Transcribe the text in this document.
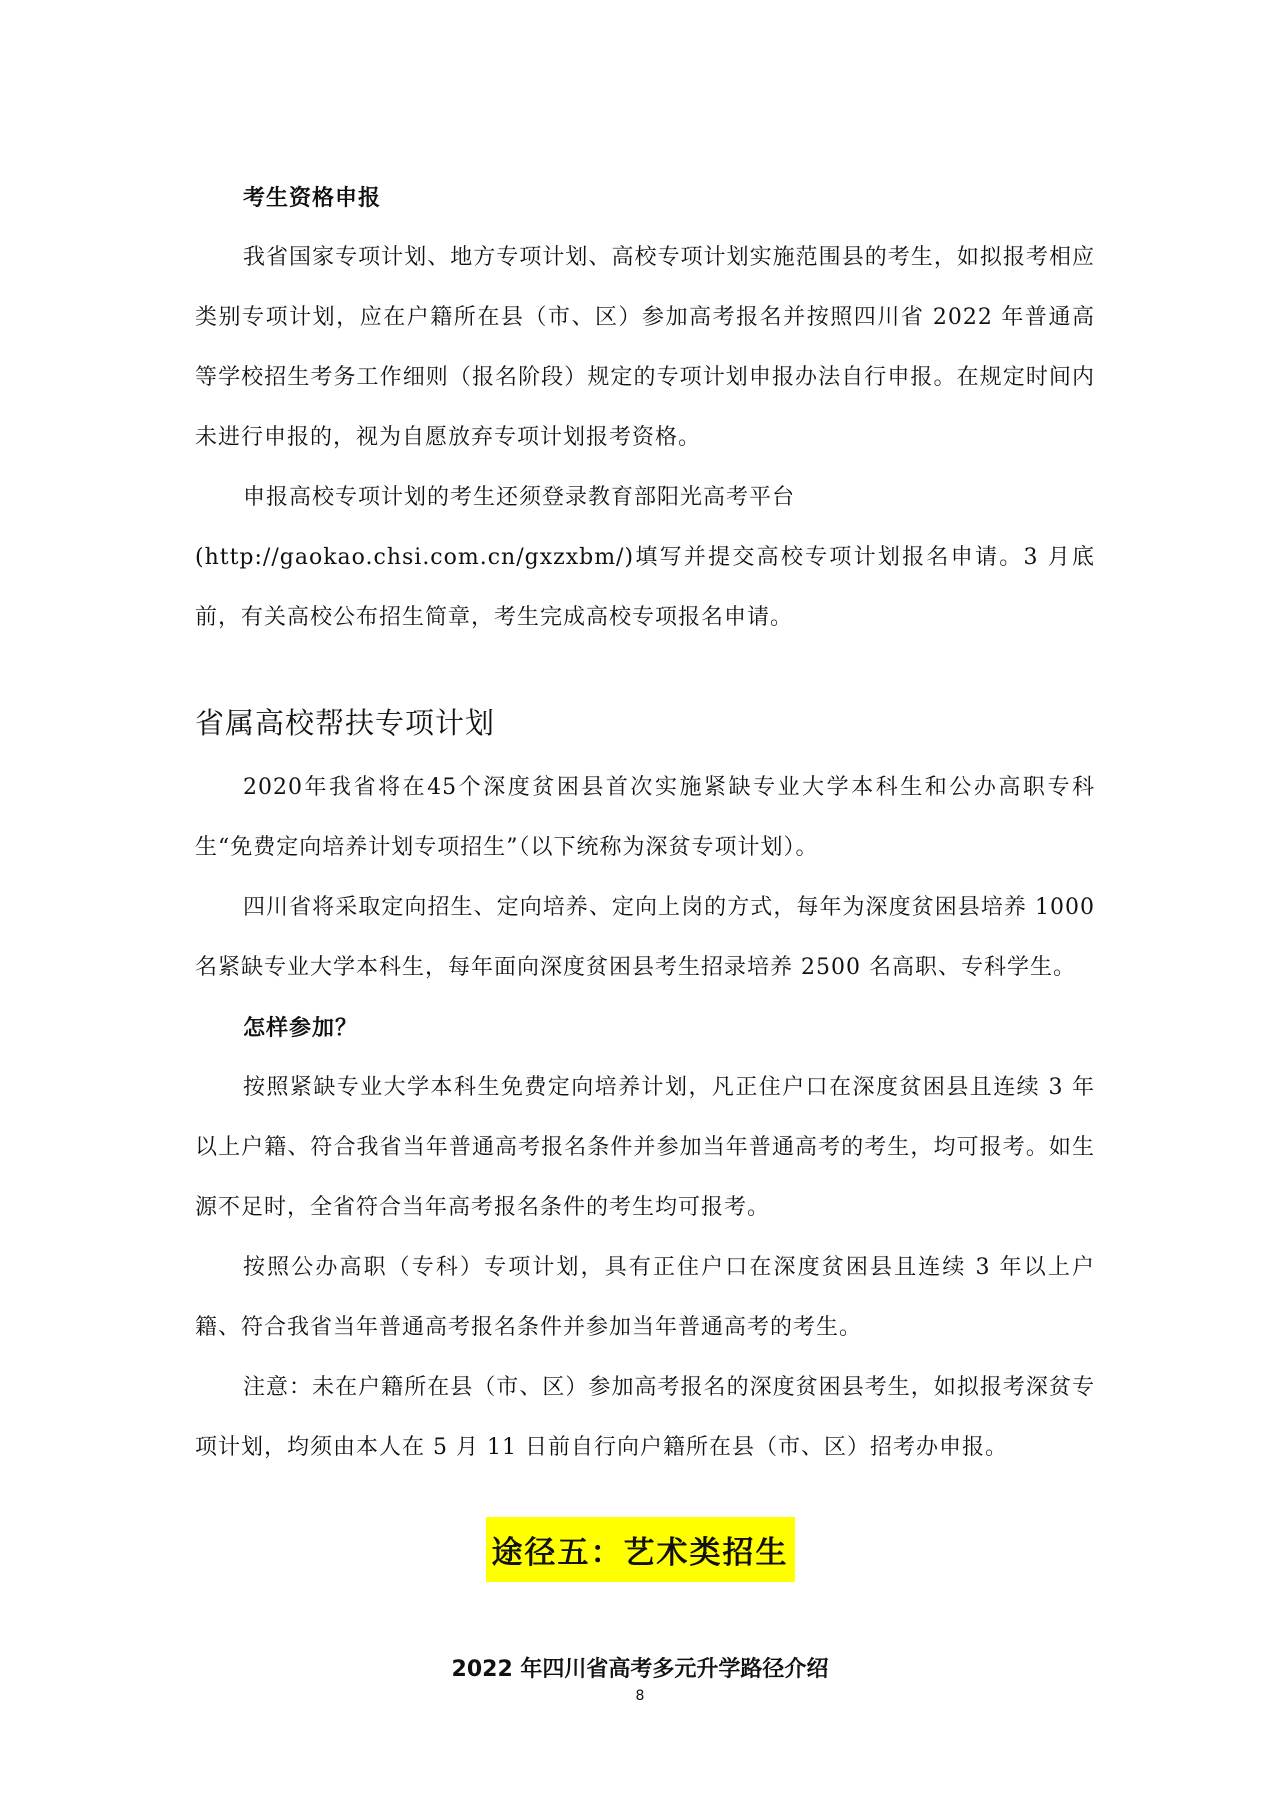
考生资格申报

我省国家专项计划、地方专项计划、高校专项计划实施范围县的考生，如拟报考相应类别专项计划，应在户籍所在县（市、区）参加高考报名并按照四川省 2022 年普通高等学校招生考务工作细则（报名阶段）规定的专项计划申报办法自行申报。在规定时间内未进行申报的，视为自愿放弃专项计划报考资格。

申报高校专项计划的考生还须登录教育部阳光高考平台

(http://gaokao.chsi.com.cn/gxzxbm/)填写并提交高校专项计划报名申请。3 月底前，有关高校公布招生简章，考生完成高校专项报名申请。

省属高校帮扶专项计划

2020年我省将在45个深度贫困县首次实施紧缺专业大学本科生和公办高职专科生“免费定向培养计划专项招生”（以下统称为深贫专项计划）。

四川省将采取定向招生、定向培养、定向上岗的方式，每年为深度贫困县培养 1000 名紧缺专业大学本科生，每年面向深度贫困县考生招录培养 2500 名高职、专科学生。

怎样参加？

按照紧缺专业大学本科生免费定向培养计划，凡正住户口在深度贫困县且连续 3 年以上户籍、符合我省当年普通高考报名条件并参加当年普通高考的考生，均可报考。如生源不足时，全省符合当年高考报名条件的考生均可报考。

按照公办高职（专科）专项计划，具有正住户口在深度贫困县且连续 3 年以上户籍、符合我省当年普通高考报名条件并参加当年普通高考的考生。

注意：未在户籍所在县（市、区）参加高考报名的深度贫困县考生，如拟报考深贫专项计划，均须由本人在 5 月 11 日前自行向户籍所在县（市、区）招考办申报。

途径五：艺术类招生
2022 年四川省高考多元升学路径介绍
8
